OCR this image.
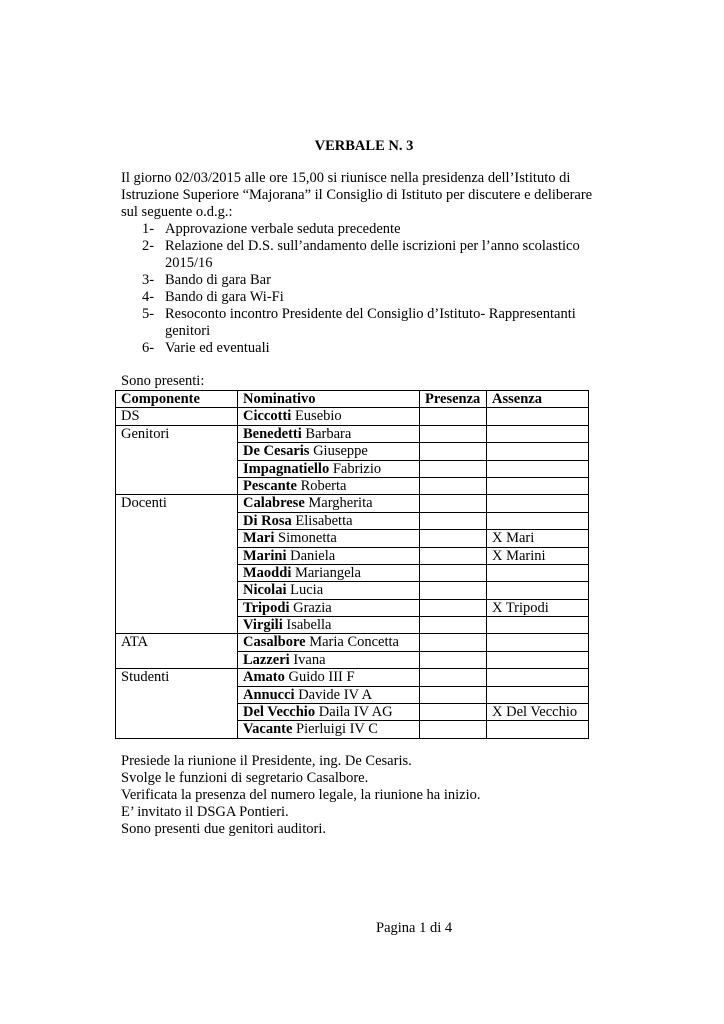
VERBALE N. 3
Il giorno 02/03/2015 alle ore 15,00 si riunisce nella presidenza dell’Istituto di
Istruzione Superiore “Majorana” il Consiglio di Istituto per discutere e deliberare
sul seguente o.d.g.:
1- Approvazione verbale seduta precedente
2- Relazione del D.S. sull’andamento delle iscrizioni per l’anno scolastico
2015/16
3- Bando di gara Bar
4- Bando di gara Wi-Fi
5- Resoconto incontro Presidente del Consiglio d’Istituto- Rappresentanti
genitori
6- Varie ed eventuali
Sono presenti:
Componente	Nominativo	Presenza	Assenza
DS	Ciccotti Eusebio		
Genitori	Benedetti Barbara		
	De Cesaris Giuseppe		
	Impagnatiello Fabrizio		
	Pescante Roberta		
Docenti	Calabrese Margherita		
	Di Rosa Elisabetta		
	Mari Simonetta		X Mari
	Marini Daniela		X Marini
	Maoddi Mariangela		
	Nicolai Lucia		
	Tripodi Grazia		X Tripodi
	Virgili Isabella		
ATA	Casalbore Maria Concetta		
	Lazzeri Ivana		
Studenti	Amato Guido III F		
	Annucci Davide IV A		
	Del Vecchio Daila IV AG		X Del Vecchio
	Vacante Pierluigi IV C		
Presiede la riunione il Presidente, ing. De Cesaris.
Svolge le funzioni di segretario Casalbore.
Verificata la presenza del numero legale, la riunione ha inizio.
E’ invitato il DSGA Pontieri.
Sono presenti due genitori auditori.
Pagina 1 di 4
